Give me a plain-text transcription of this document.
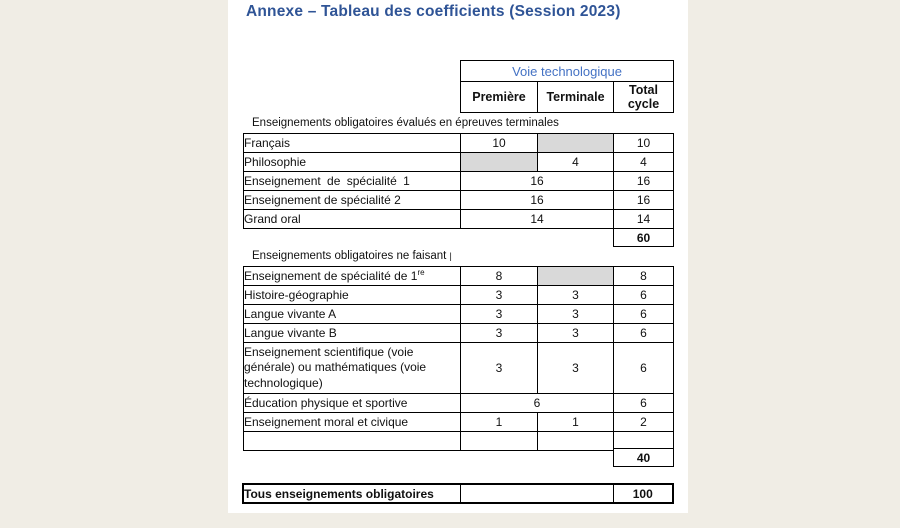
Annexe – Tableau des coefficients (Session 2023)
Voie technologique
Première	Terminale	Total cycle
Enseignements obligatoires évalués en épreuves terminales
Français	10		10
Philosophie		4	4
Enseignement de spécialité 1	16		16
Enseignement de spécialité 2	16		16
Grand oral	14		14
60
Enseignements obligatoires ne faisant |
Enseignement de spécialité de 1re	8		8
Histoire-géographie	3	3	6
Langue vivante A	3	3	6
Langue vivante B	3	3	6
Enseignement scientifique (voie générale) ou mathématiques (voie technologique)	3	3	6
Éducation physique et sportive	6		6
Enseignement moral et civique	1	1	2

40
Tous enseignements obligatoires		100
